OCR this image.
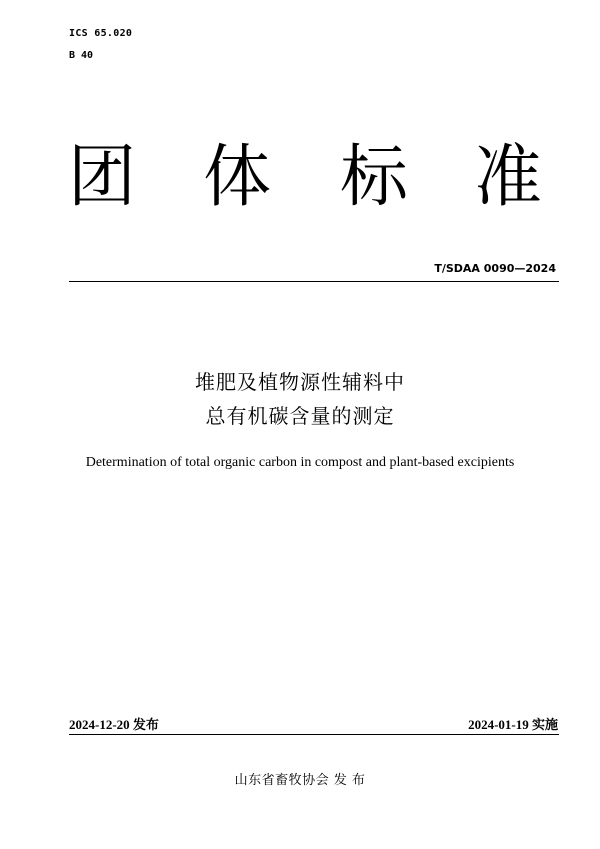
ICS 65.020
B 40
团 体 标 准
T/SDAA 0090—2024
堆肥及植物源性辅料中
总有机碳含量的测定
Determination of total organic carbon in compost and plant-based excipients
2024-12-20 发布	2024-01-19 实施
山东省畜牧协会 发 布
